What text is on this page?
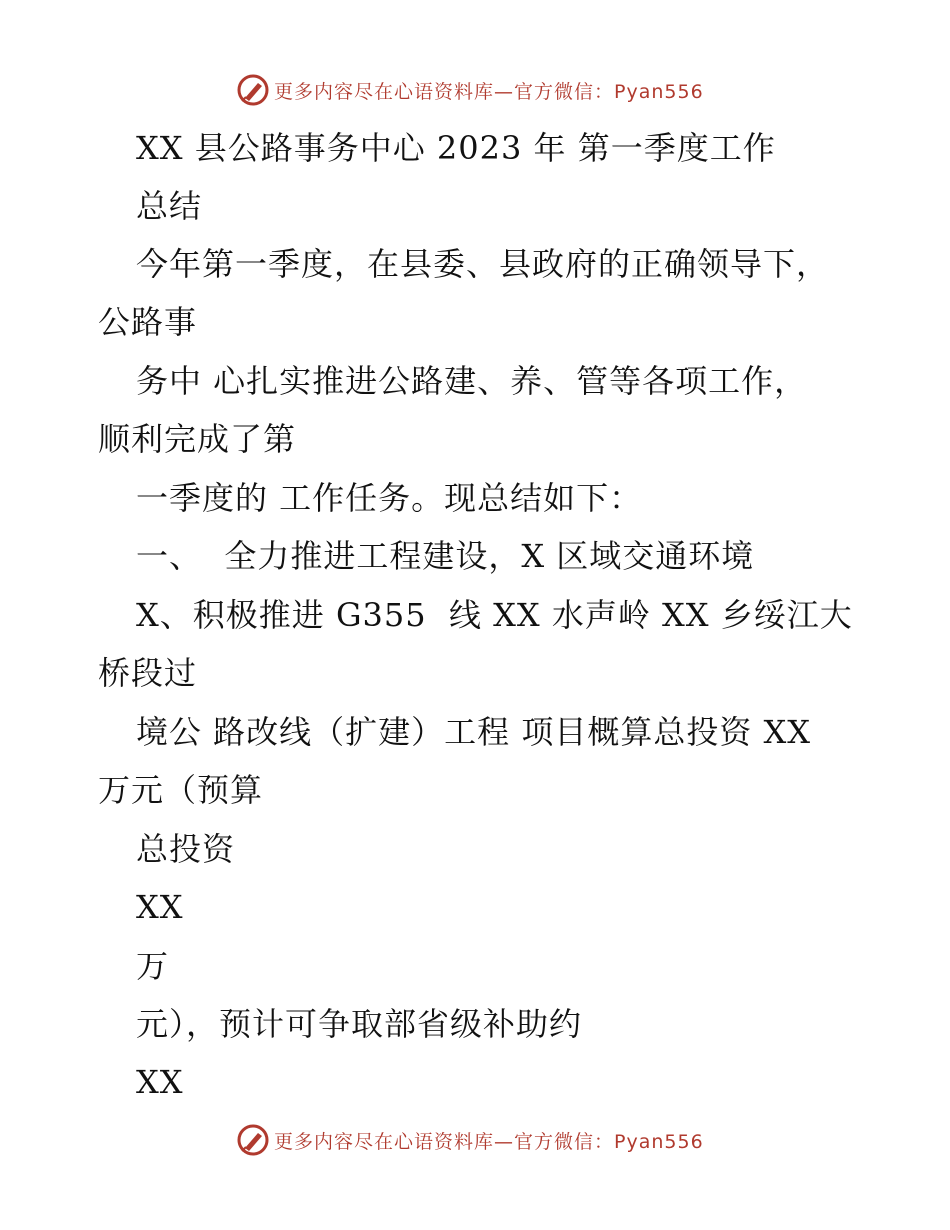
更多内容尽在心语资料库—官方微信：Pyan556
XX 县公路事务中心 2023 年 第一季度工作
总结
今年第一季度，在县委、县政府的正确领导下，
公路事
务中 心扎实推进公路建、养、管等各项工作，
顺利完成了第
一季度的 工作任务。现总结如下：
一、  全力推进工程建设，X 区域交通环境
X、积极推进 G355  线 XX 水声岭 XX 乡绥江大
桥段过
境公 路改线（扩建）工程 项目概算总投资 XX
万元（预算
总投资
XX
万
元），预计可争取部省级补助约
XX
更多内容尽在心语资料库—官方微信：Pyan556
